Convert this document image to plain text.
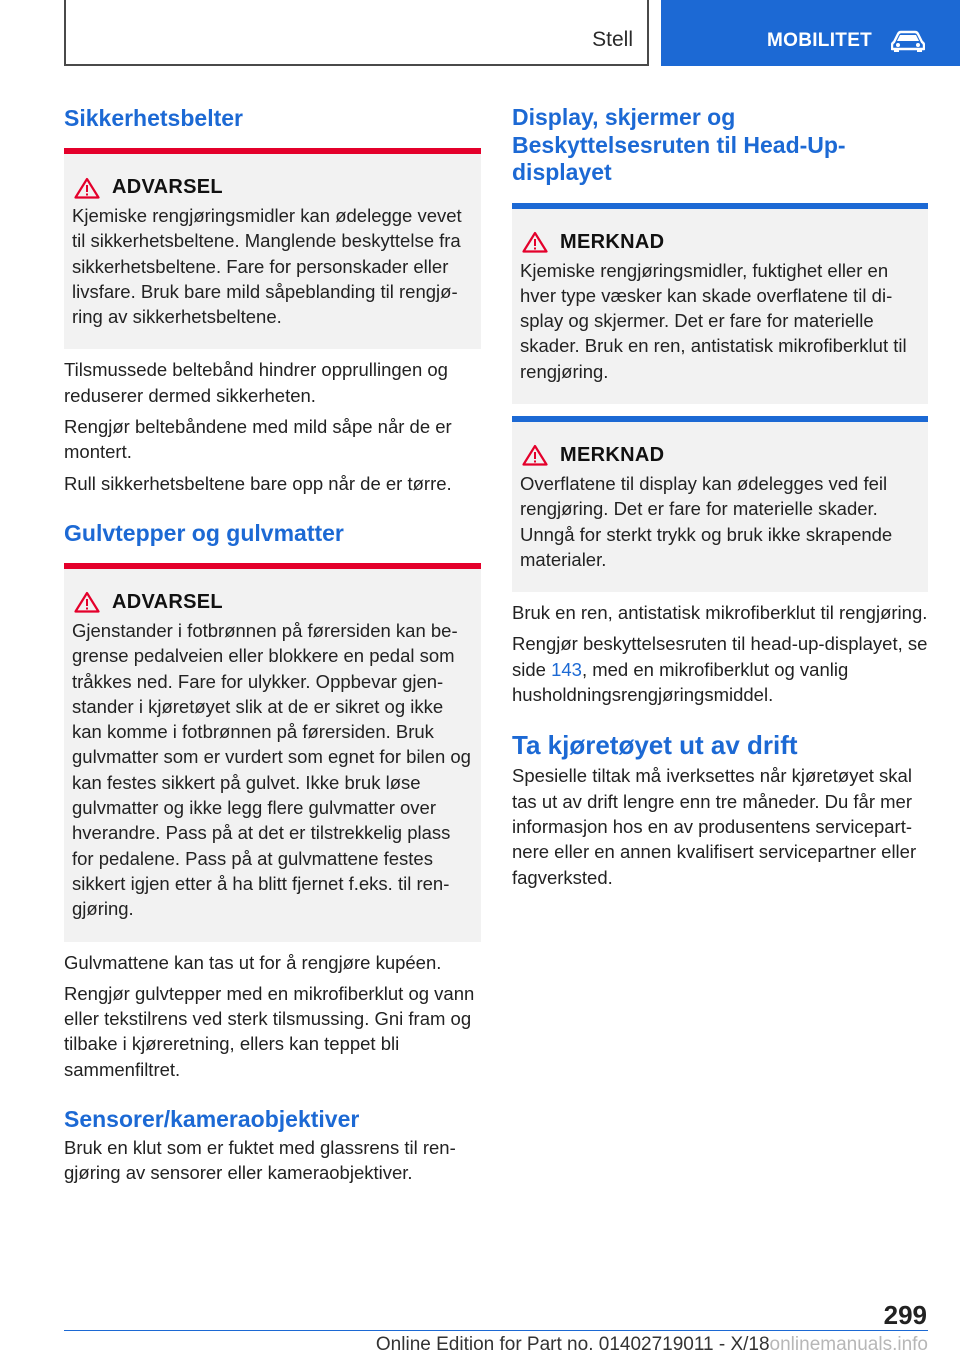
Stell	MOBILITET
Sikkerhetsbelter
ADVARSEL

Kjemiske rengjøringsmidler kan ødelegge vevet til sikkerhetsbeltene. Manglende beskyttelse fra sikkerhetsbeltene. Fare for personskader eller livsfare. Bruk bare mild såpeblanding til rengjøring av sikkerhetsbeltene.

Tilsmussede beltebånd hindrer opprullingen og reduserer dermed sikkerheten.

Rengjør beltebåndene med mild såpe når de er montert.

Rull sikkerhetsbeltene bare opp når de er tørre.

Gulvtepper og gulvmatter
ADVARSEL

Gjenstander i fotbrønnen på førersiden kan begrense pedalveien eller blokkere en pedal som tråkkes ned. Fare for ulykker. Oppbevar gjenstander i kjøretøyet slik at de er sikret og ikke kan komme i fotbrønnen på førersiden. Bruk gulvmatter som er vurdert som egnet for bilen og kan festes sikkert på gulvet. Ikke bruk løse gulvmatter og ikke legg flere gulvmatter over hverandre. Pass på at det er tilstrekkelig plass for pedalene. Pass på at gulvmattene festes sikkert igjen etter å ha blitt fjernet f.eks. til rengjøring.

Gulvmattene kan tas ut for å rengjøre kupéen.

Rengjør gulvtepper med en mikrofiberklut og vann eller tekstilrens ved sterk tilsmussing. Gni fram og tilbake i kjøreretning, ellers kan teppet bli sammenfiltret.

Sensorer/kameraobjektiver

Bruk en klut som er fuktet med glassrens til rengjøring av sensorer eller kameraobjektiver.

Display, skjermer og Beskyttelsesruten til Head-Up-displayet
MERKNAD

Kjemiske rengjøringsmidler, fuktighet eller en hver type væsker kan skade overflatene til display og skjermer. Det er fare for materielle skader. Bruk en ren, antistatisk mikrofiberklut til rengjøring.

MERKNAD

Overflatene til display kan ødelegges ved feil rengjøring. Det er fare for materielle skader. Unngå for sterkt trykk og bruk ikke skrapende materialer.

Bruk en ren, antistatisk mikrofiberklut til rengjøring.

Rengjør beskyttelsesruten til head-up-displayet, se side 143, med en mikrofiberklut og vanlig husholdningsrengjøringsmiddel.

Ta kjøretøyet ut av drift

Spesielle tiltak må iverksettes når kjøretøyet skal tas ut av drift lengre enn tre måneder. Du får mer informasjon hos en av produsentens servicepartnere eller en annen kvalifisert servicepartner eller fagverksted.

299
Online Edition for Part no. 01402719011 - X/18onlinemanuals.info
